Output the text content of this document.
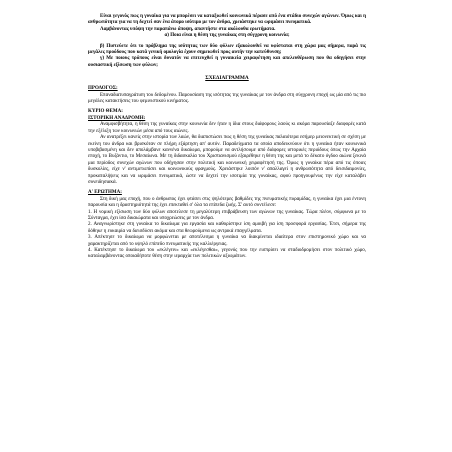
Είναι γεγονός πως η γυναίκα για να μπορέσει να καταξιωθεί κοινωνικά πέρασε από ένα στάδιο συνεχών αγώνων. Όμως και η ανθρωπότητα για να τη δεχτεί σαν ένα άτομο ισότιμο με τον άνδρα, χρειάστηκε να ωριμάσει πνευματικά.

Λαμβάνοντας υπόψη την παραπάνω άποψη, απαντήστε στα ακόλουθα ερωτήματα.

α) Ποια είναι η θέση της γυναίκας στη σύγχρονη κοινωνία;

β) Πιστεύετε ότι το πρόβλημα της ισότητας των δύο φύλων εξακολουθεί να υφίσταται στη χώρα μας σήμερα, παρά τις μεγάλες προόδους που κατά γενική ομολογία έχουν σημειωθεί προς αυτήν την κατεύθυνση;

γ) Με ποιους τρόπους είναι δυνατόν να επιτευχθεί η γυναικεία χειραφέτηση και απελευθέρωση που θα οδηγήσει στην ουσιαστική εξίσωση των φύλων;

ΣΧΕΔΙΑΓΡΑΜΜΑ

ΠΡΟΛΟΓΟΣ:

Επαναδιατυπαγράτιση του δεδομένου. Παρουσίαση της ισότητας της γυναίκας με τον άνδρα στη σύγχρονη εποχή ως μία από τις πιο μεγάλες κατακτήσεις του φεμινιστικού κινήματος.

ΚΥΡΙΟ ΘΕΜΑ:

ΙΣΤΟΡΙΚΗ ΑΝΑΔΡΟΜΗ:

Αναμφισβήτητα, η θέση της γυναίκας στην κοινωνία δεν ήταν η ίδια στους διάφορους λαούς κι ακόμα παρουσίαζε διαφορές κατά την εξέλιξη των κοινωνιών μέσα από τους αιώνες.

Αν ανατρέξει κανείς στην ιστορία των λαών, θα διαπιστώσει πως η θέση της γυναίκας παλαιότερα εσήμερ μειονεκτική σε σχέση με εκείνη του άνδρα και βρισκόταν σε πλήρη εξάρτηση απ' αυτόν. Παραδείγματα τα οποία αποδεικνύουν ότι η γυναίκα ήταν κοινωνικά υποβιβασμένη και δεν απολάμβανε καννένα δικαίωμα, μπορούμε να αντλήσουμε από διάφορες ιστορικές περιόδους όπως την Αρχαία εποχή, το Βυζάντιο, το Μεσαίωνα. Με τη διδασκαλία του Χριστιανισμού εξαιρέθηκε η θέση της και μετά το δέκατο όγδοο αιώνα ξεκινά μια περίοδος συνεχών αγώνων που οδήγησαν στην πολιτική και κοινωνική χειραφέτησή της. Όμως η γυναίκα πέρα από τις όποιες δυσκολίες, είχε ν' αντιμετωπίσει και κοινωνικούς φραγμούς. Χρειάστηκε λοιπόν ν' απαλλαγεί η ανθρωπότητα από δεισιδαιμονίες, προκαταλήψεις και να ωριμάσει πνευματικά, ώστε να δεχτεί την ισοτιμία της γυναίκας, αφού προηγουμένως την είχε καταλάβει συνειδησιακά.

Α' ΕΡΩΤΗΜΑ:

Στη δική μας εποχή, που ο άνθρωπος έχει φτάσει στις ψηλότερες βαθμίδες της πνευματικής πυραμίδας, η γυναίκα έχει μια έντονη παρουσία και η δραστηριότητά της έχει επεκταθεί σ' όλα τα επίπεδα ζωής. Σ' αυτό συντέλεσε:

1. Η νομική εξίσωση των δύο φύλων αποτελεσε τη μεγαλύτερη επιβράβευση των αγώνων της γυναίκας. Τώρα πλέον, σύμφωνα με το Σύνταγμα, έχει ίσα δικαιώματα και υποχρεώσεις με τον άνδρα.

2. Αναγνωρίστηκε στη γυναίκα το δικαίωμα για εργασία και καθορίστηκε ίση αμοιβή για ίση προσφορά εργασίας. Έτσι, σήμερα της δόθηκε η ευκαιρία να διεισδύσει ακόμα και στα θεωρούμενα ως αντρικά επαγγέλματα.

3. Απέκτησε το δικαίωμα να μορφώνεται με αποτέλεσμα η γυναίκα να διακρίνεται ιδιαίτερα στον επιστημονικό χώρο και να χαρακτηρίζεται από το υψηλό επίπεδο πνευματικής της καλλιέργειας.

4. Κατέκτησε το δικαίωμα του «εκλέγειν» και «εκλέγεσθαι», γεγονός που την εισπρίσει να σταδιοδρομήσει στον πολιτικό χώρο, καταλαμβάνοντας οποιαδήποτε θέση στην ιεραρχία των πολιτικών αξιωμάτων.
